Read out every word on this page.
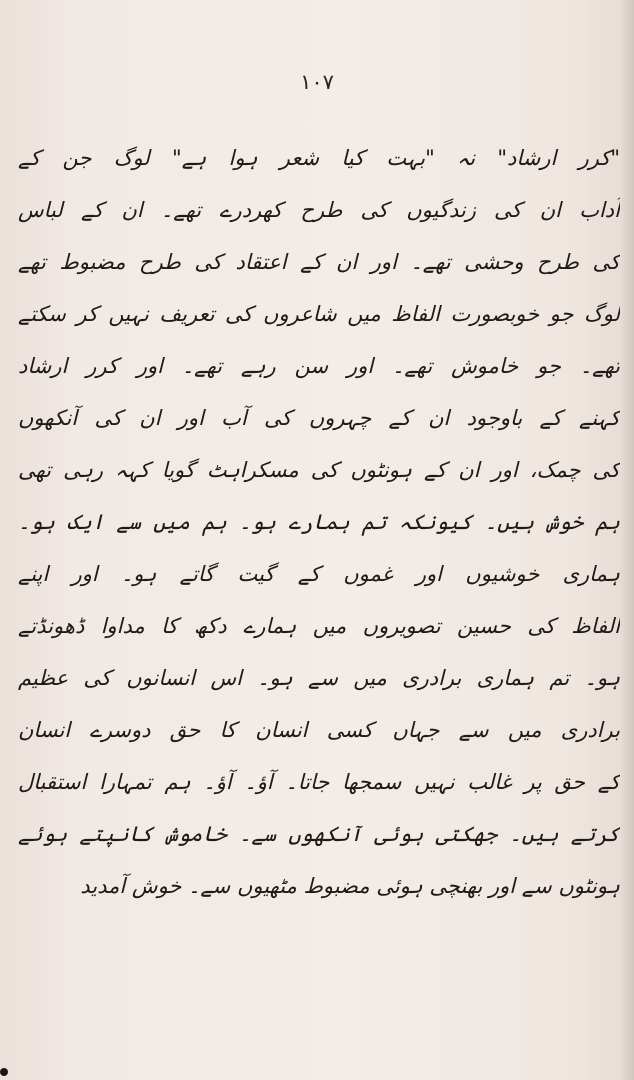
۱۰۷
"کرر ارشاد" نہ "بہت کیا شعر ہوا ہے" لوگ جن کے
آداب ان کی زندگیوں کی طرح کھردرے تھے۔ ان کے لباس
کی طرح وحشی تھے۔ اور ان کے اعتقاد کی طرح مضبوط تھے
لوگ جو خوبصورت الفاظ میں شاعروں کی تعریف نہیں کر سکتے
تھے۔ جو خاموش تھے۔ اور سن رہے تھے۔ اور کرر ارشاد
کہنے کے باوجود ان کے چہروں کی آب اور ان کی آنکھوں
کی چمک، اور ان کے ہونٹوں کی مسکراہٹ گویا کہہ رہی تھی
ہم خوش ہیں۔ کیونکہ تم ہمارے ہو۔ ہم میں سے ایک ہو۔
ہماری خوشیوں اور غموں کے گیت گاتے ہو۔ اور اپنے
الفاظ کی حسین تصویروں میں ہمارے دکھ کا مداوا ڈھونڈتے
ہو۔ تم ہماری برادری میں سے ہو۔ اس انسانوں کی عظیم
برادری میں سے جہاں کسی انسان کا حق دوسرے انسان
کے حق پر غالب نہیں سمجھا جاتا۔ آؤ۔ آؤ۔ ہم تمہارا استقبال
کرتے ہیں۔ جھکتی ہوئی آنکھوں سے۔ خاموش کانپتے ہوئے
ہونٹوں سے اور بھنچی ہوئی مضبوط مٹھیوں سے۔ خوش آمدید
